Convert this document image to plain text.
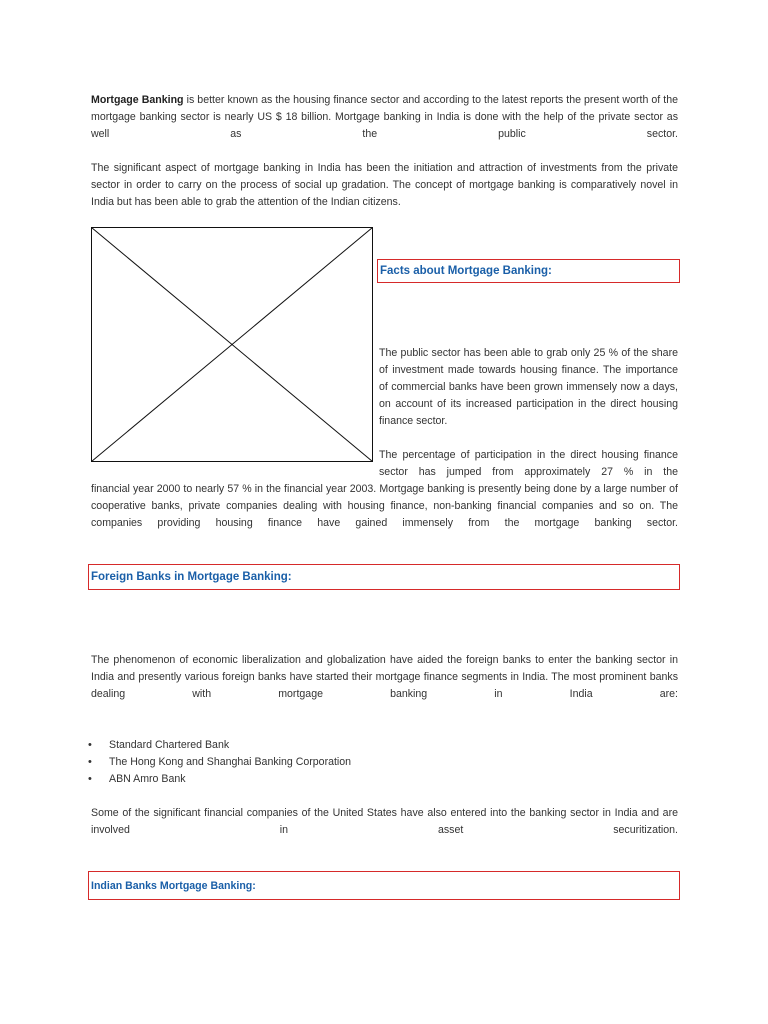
Mortgage Banking is better known as the housing finance sector and according to the latest reports the present worth of the mortgage banking sector is nearly US $ 18 billion. Mortgage banking in India is done with the help of the private sector as well as the public sector.

The significant aspect of mortgage banking in India has been the initiation and attraction of investments from the private sector in order to carry on the process of social up gradation. The concept of mortgage banking is comparatively novel in India but has been able to grab the attention of the Indian citizens.

Facts about Mortgage Banking:

The public sector has been able to grab only 25 % of the share of investment made towards housing finance. The importance of commercial banks have been grown immensely now a days, on account of its increased participation in the direct housing finance sector.

The percentage of participation in the direct housing finance sector has jumped from approximately 27 % in the

financial year 2000 to nearly 57 % in the financial year 2003. Mortgage banking is presently being done by a large number of cooperative banks, private companies dealing with housing finance, non-banking financial companies and so on. The companies providing housing finance have gained immensely from the mortgage banking sector.

Foreign Banks in Mortgage Banking:

The phenomenon of economic liberalization and globalization have aided the foreign banks to enter the banking sector in India and presently various foreign banks have started their mortgage finance segments in India. The most prominent banks dealing with mortgage banking in India are:

• Standard Chartered Bank
• The Hong Kong and Shanghai Banking Corporation
• ABN Amro Bank

Some of the significant financial companies of the United States have also entered into the banking sector in India and are involved in asset securitization.

Indian Banks Mortgage Banking:
